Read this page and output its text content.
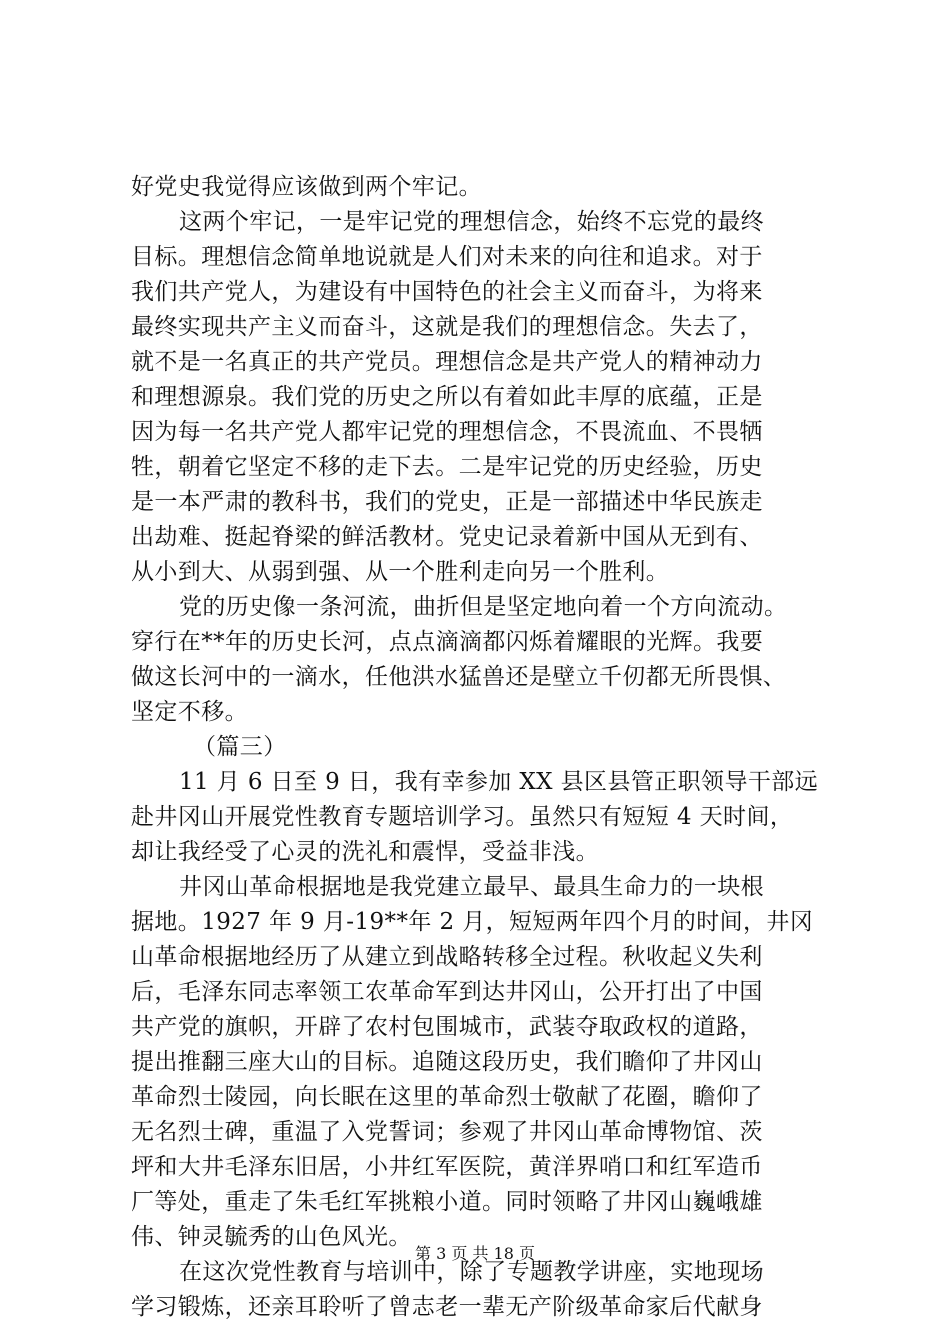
好党史我觉得应该做到两个牢记。
这两个牢记，一是牢记党的理想信念，始终不忘党的最终
目标。理想信念简单地说就是人们对未来的向往和追求。对于
我们共产党人，为建设有中国特色的社会主义而奋斗，为将来
最终实现共产主义而奋斗，这就是我们的理想信念。失去了，
就不是一名真正的共产党员。理想信念是共产党人的精神动力
和理想源泉。我们党的历史之所以有着如此丰厚的底蕴，正是
因为每一名共产党人都牢记党的理想信念，不畏流血、不畏牺
牲，朝着它坚定不移的走下去。二是牢记党的历史经验，历史
是一本严肃的教科书，我们的党史，正是一部描述中华民族走
出劫难、挺起脊梁的鲜活教材。党史记录着新中国从无到有、
从小到大、从弱到强、从一个胜利走向另一个胜利。
党的历史像一条河流，曲折但是坚定地向着一个方向流动。
穿行在**年的历史长河，点点滴滴都闪烁着耀眼的光辉。我要
做这长河中的一滴水，任他洪水猛兽还是壁立千仞都无所畏惧、
坚定不移。
（篇三）
11 月 6 日至 9 日，我有幸参加 XX 县区县管正职领导干部远
赴井冈山开展党性教育专题培训学习。虽然只有短短 4 天时间，
却让我经受了心灵的洗礼和震悍，受益非浅。
井冈山革命根据地是我党建立最早、最具生命力的一块根
据地。1927 年 9 月-19**年 2 月，短短两年四个月的时间，井冈
山革命根据地经历了从建立到战略转移全过程。秋收起义失利
后，毛泽东同志率领工农革命军到达井冈山，公开打出了中国
共产党的旗帜，开辟了农村包围城市，武装夺取政权的道路，
提出推翻三座大山的目标。追随这段历史，我们瞻仰了井冈山
革命烈士陵园，向长眠在这里的革命烈士敬献了花圈，瞻仰了
无名烈士碑，重温了入党誓词；参观了井冈山革命博物馆、茨
坪和大井毛泽东旧居，小井红军医院，黄洋界哨口和红军造币
厂等处，重走了朱毛红军挑粮小道。同时领略了井冈山巍峨雄
伟、钟灵毓秀的山色风光。
在这次党性教育与培训中，除了专题教学讲座，实地现场
学习锻炼，还亲耳聆听了曾志老一辈无产阶级革命家后代献身
第 3 页 共 18 页
